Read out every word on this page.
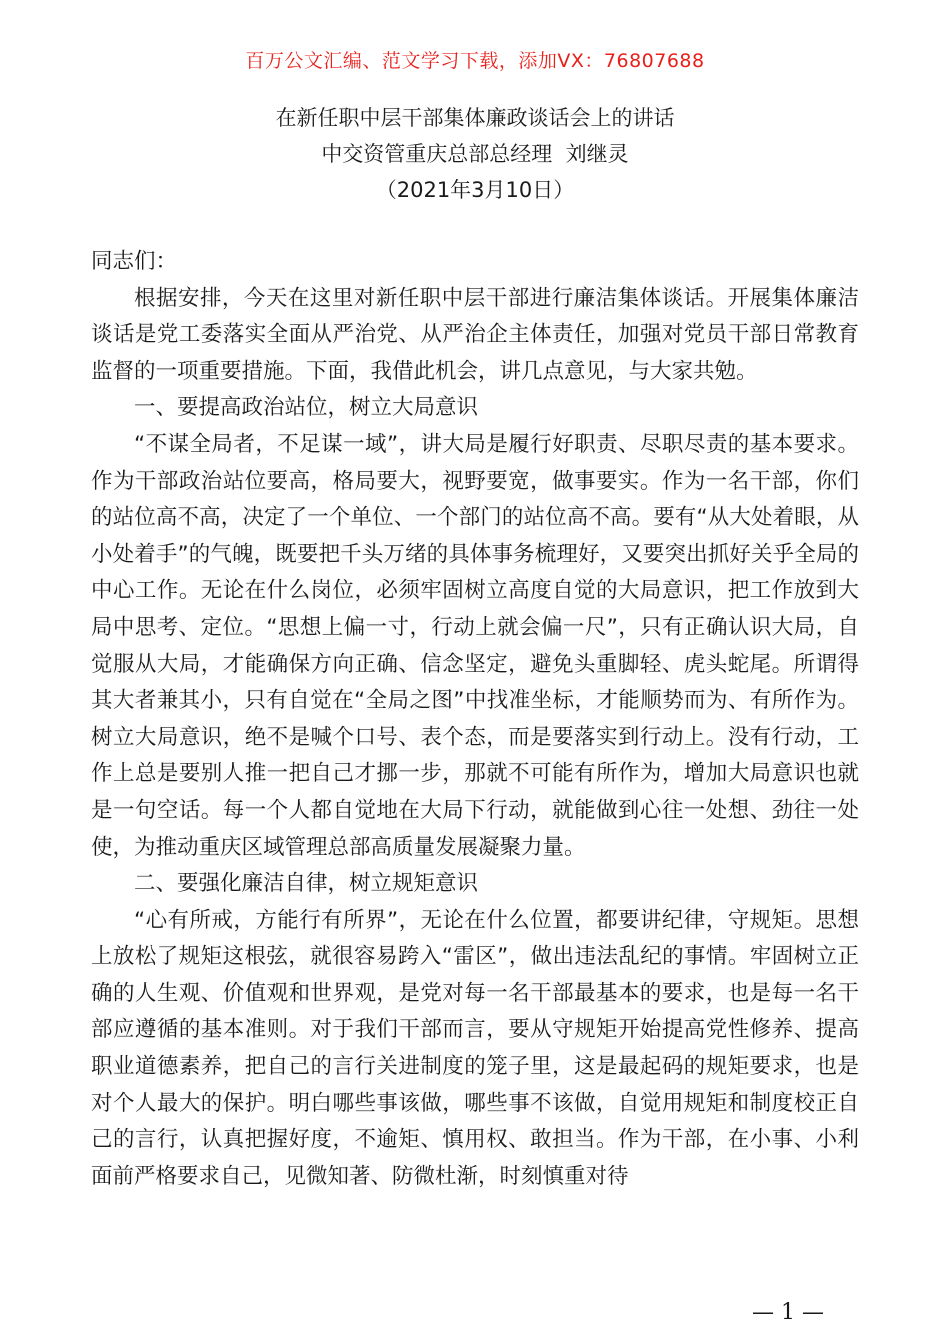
百万公文汇编、范文学习下载，添加VX：76807688
在新任职中层干部集体廉政谈话会上的讲话
中交资管重庆总部总经理  刘继灵
（2021年3月10日）

同志们：

根据安排，今天在这里对新任职中层干部进行廉洁集体谈话。开展集体廉洁谈话是党工委落实全面从严治党、从严治企主体责任，加强对党员干部日常教育监督的一项重要措施。下面，我借此机会，讲几点意见，与大家共勉。

一、要提高政治站位，树立大局意识

“不谋全局者，不足谋一域”，讲大局是履行好职责、尽职尽责的基本要求。作为干部政治站位要高，格局要大，视野要宽，做事要实。作为一名干部，你们的站位高不高，决定了一个单位、一个部门的站位高不高。要有“从大处着眼，从小处着手”的气魄，既要把千头万绪的具体事务梳理好，又要突出抓好关乎全局的中心工作。无论在什么岗位，必须牢固树立高度自觉的大局意识，把工作放到大局中思考、定位。“思想上偏一寸，行动上就会偏一尺”，只有正确认识大局，自觉服从大局，才能确保方向正确、信念坚定，避免头重脚轻、虎头蛇尾。所谓得其大者兼其小，只有自觉在“全局之图”中找准坐标，才能顺势而为、有所作为。树立大局意识，绝不是喊个口号、表个态，而是要落实到行动上。没有行动，工作上总是要别人推一把自己才挪一步，那就不可能有所作为，增加大局意识也就是一句空话。每一个人都自觉地在大局下行动，就能做到心往一处想、劲往一处使，为推动重庆区域管理总部高质量发展凝聚力量。

二、要强化廉洁自律，树立规矩意识

“心有所戒，方能行有所界”，无论在什么位置，都要讲纪律，守规矩。思想上放松了规矩这根弦，就很容易跨入“雷区”，做出违法乱纪的事情。牢固树立正确的人生观、价值观和世界观，是党对每一名干部最基本的要求，也是每一名干部应遵循的基本准则。对于我们干部而言，要从守规矩开始提高党性修养、提高职业道德素养，把自己的言行关进制度的笼子里，这是最起码的规矩要求，也是对个人最大的保护。明白哪些事该做，哪些事不该做，自觉用规矩和制度校正自己的言行，认真把握好度，不逾矩、慎用权、敢担当。作为干部，在小事、小利面前严格要求自己，见微知著、防微杜渐，时刻慎重对待

— 1 —
